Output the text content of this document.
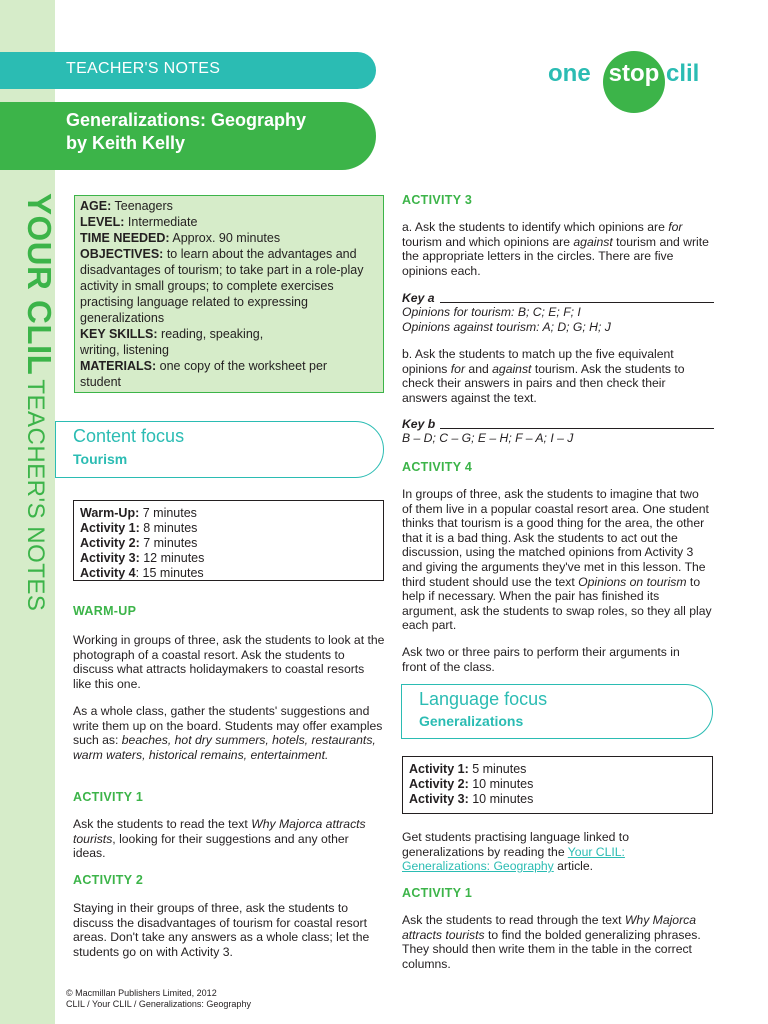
YOUR CLILTEACHER'S NOTES
TEACHER'S NOTES
Generalizations: Geography
by Keith Kelly
one stop clil
AGE: Teenagers
LEVEL: Intermediate
TIME NEEDED: Approx. 90 minutes
OBJECTIVES: to learn about the advantages and disadvantages of tourism; to take part in a role-play activity in small groups; to complete exercises practising language related to expressing generalizations
KEY SKILLS: reading, speaking, writing, listening
MATERIALS: one copy of the worksheet per student
Content focus
Tourism
Warm-Up: 7 minutes
Activity 1: 8 minutes
Activity 2: 7 minutes
Activity 3: 12 minutes
Activity 4: 15 minutes
WARM-UP
Working in groups of three, ask the students to look at the photograph of a coastal resort. Ask the students to discuss what attracts holidaymakers to coastal resorts like this one.
As a whole class, gather the students' suggestions and write them up on the board. Students may offer examples such as: beaches, hot dry summers, hotels, restaurants, warm waters, historical remains, entertainment.
ACTIVITY 1
Ask the students to read the text Why Majorca attracts tourists, looking for their suggestions and any other ideas.
ACTIVITY 2
Staying in their groups of three, ask the students to discuss the disadvantages of tourism for coastal resort areas. Don't take any answers as a whole class; let the students go on with Activity 3.
ACTIVITY 3
a. Ask the students to identify which opinions are for tourism and which opinions are against tourism and write the appropriate letters in the circles. There are five opinions each.
Key a
Opinions for tourism: B; C; E; F; I
Opinions against tourism: A; D; G; H; J
b. Ask the students to match up the five equivalent opinions for and against tourism. Ask the students to check their answers in pairs and then check their answers against the text.
Key b
B – D; C – G; E – H; F – A; I – J
ACTIVITY 4
In groups of three, ask the students to imagine that two of them live in a popular coastal resort area. One student thinks that tourism is a good thing for the area, the other that it is a bad thing. Ask the students to act out the discussion, using the matched opinions from Activity 3 and giving the arguments they've met in this lesson. The third student should use the text Opinions on tourism to help if necessary. When the pair has finished its argument, ask the students to swap roles, so they all play each part.
Ask two or three pairs to perform their arguments in front of the class.
Language focus
Generalizations
Activity 1: 5 minutes
Activity 2: 10 minutes
Activity 3: 10 minutes
Get students practising language linked to generalizations by reading the Your CLIL: Generalizations: Geography article.
ACTIVITY 1
Ask the students to read through the text Why Majorca attracts tourists to find the bolded generalizing phrases. They should then write them in the table in the correct columns.
© Macmillan Publishers Limited, 2012
CLIL / Your CLIL / Generalizations: Geography
